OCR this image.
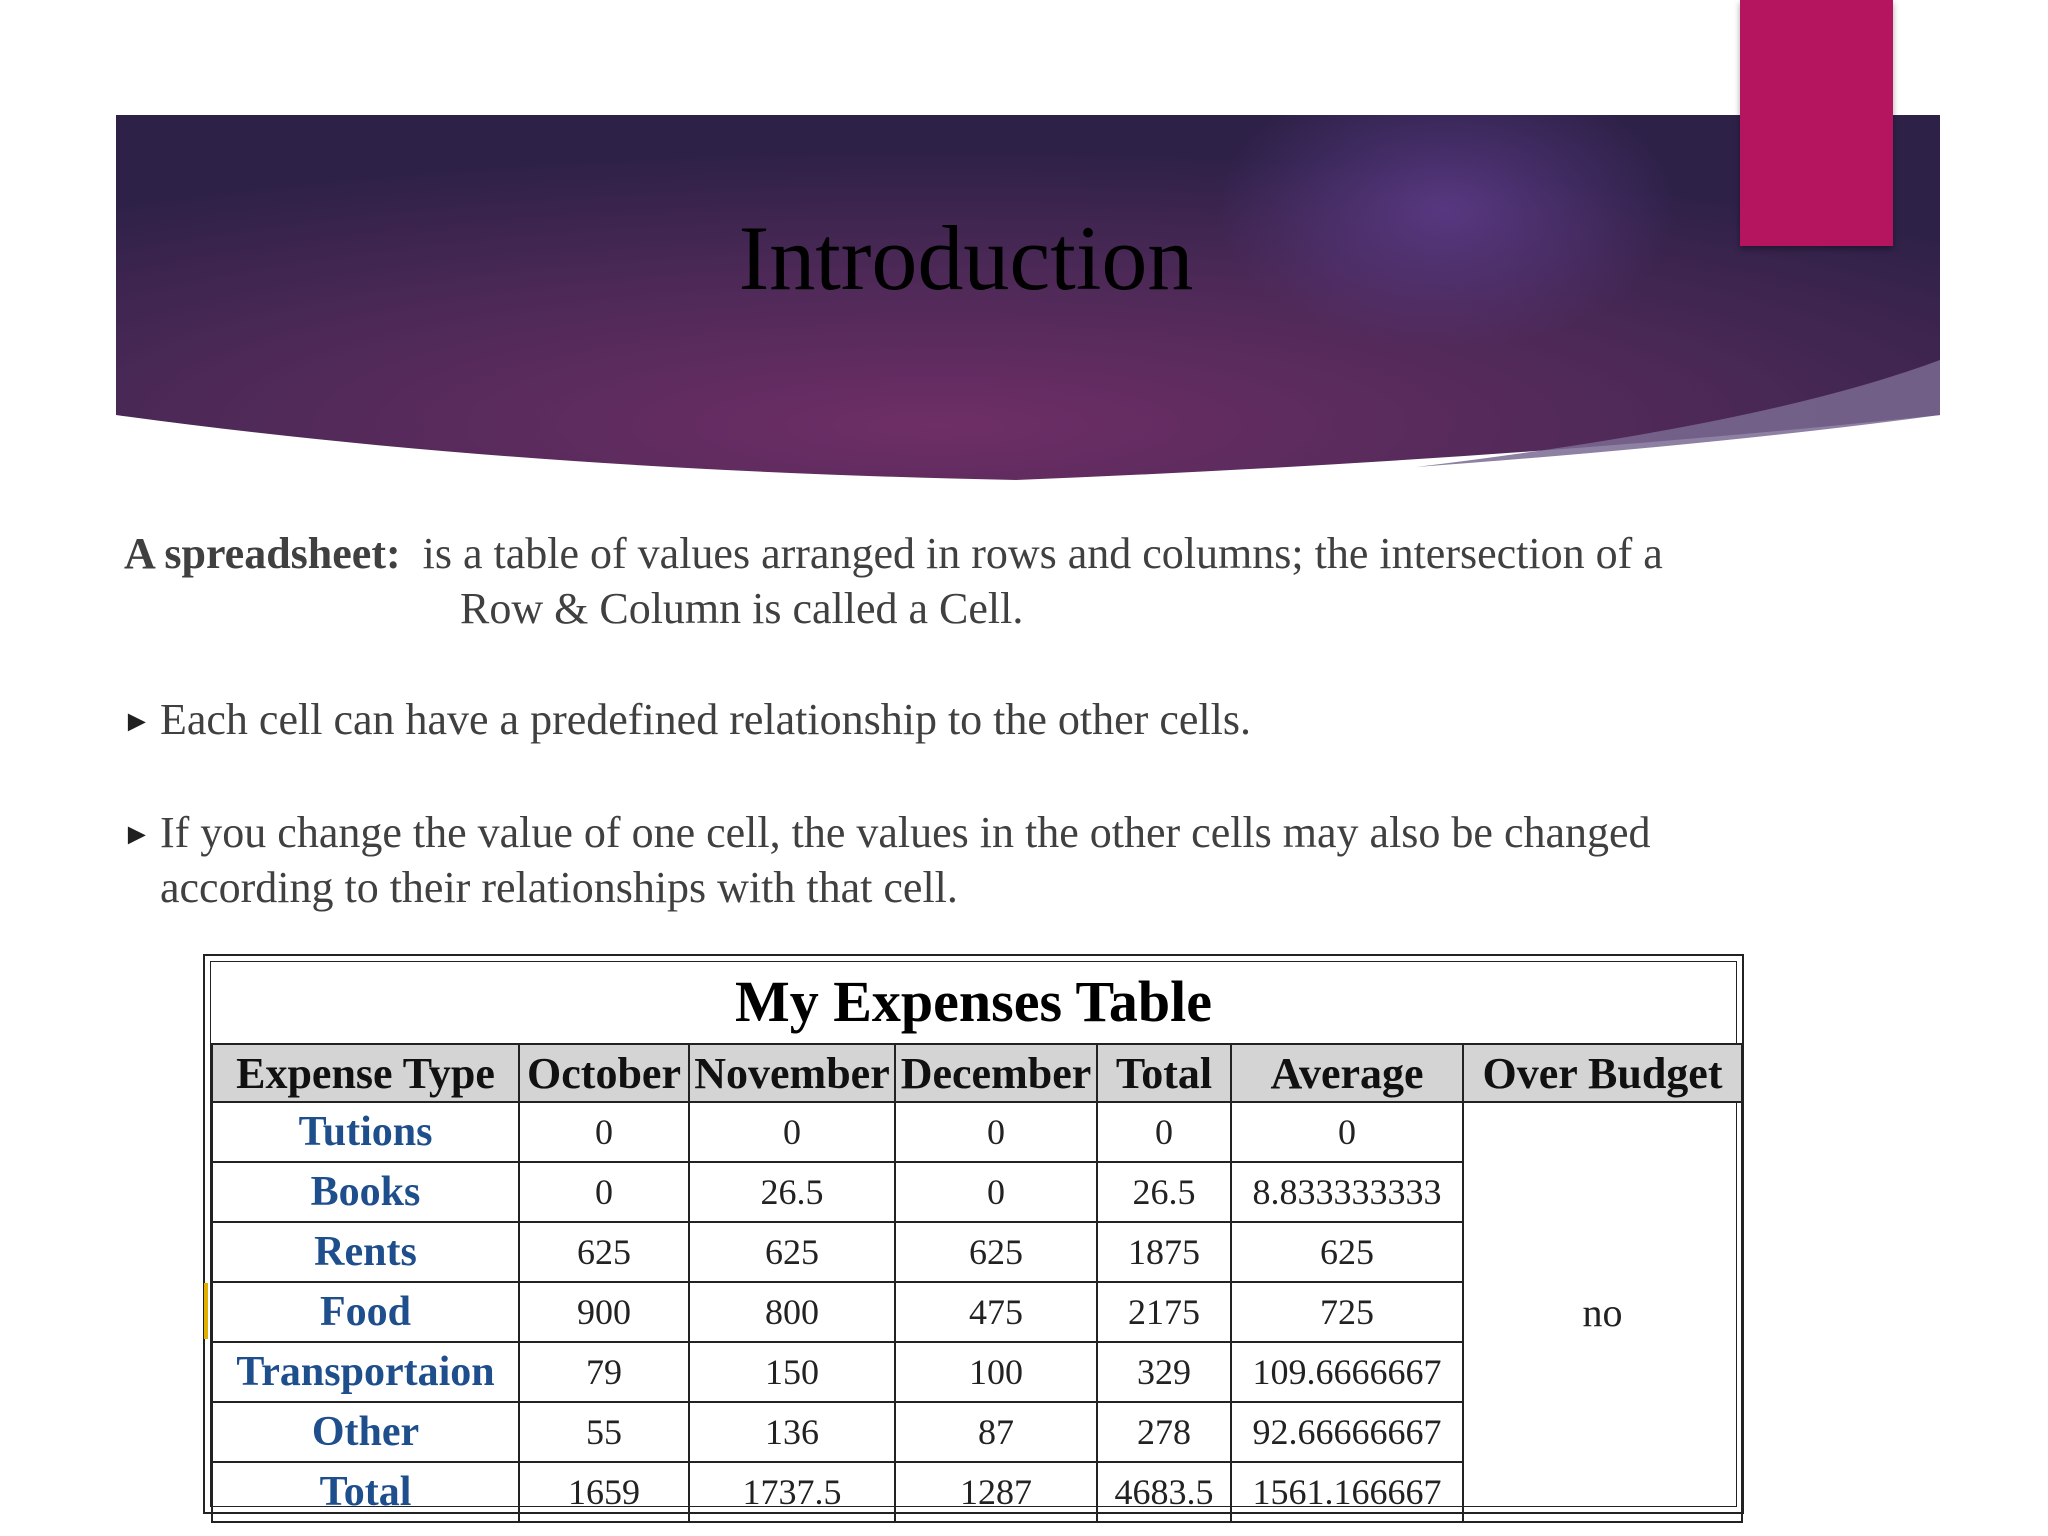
Introduction
A spreadsheet: is a table of values arranged in rows and columns; the intersection of a
Row & Column is called a Cell.
► Each cell can have a predefined relationship to the other cells.
► If you change the value of one cell, the values in the other cells may also be changed according to their relationships with that cell.
My Expenses Table
Expense Type	October	November	December	Total	Average	Over Budget
Tutions	0	0	0	0	0	no
Books	0	26.5	0	26.5	8.833333333	
Rents	625	625	625	1875	625	

Food	900	800	475	2175	725	
Transportaion	79	150	100	329	109.6666667	
Other	55	136	87	278	92.66666667	
Total	1659	1737.5	1287	4683.5	1561.166667	
